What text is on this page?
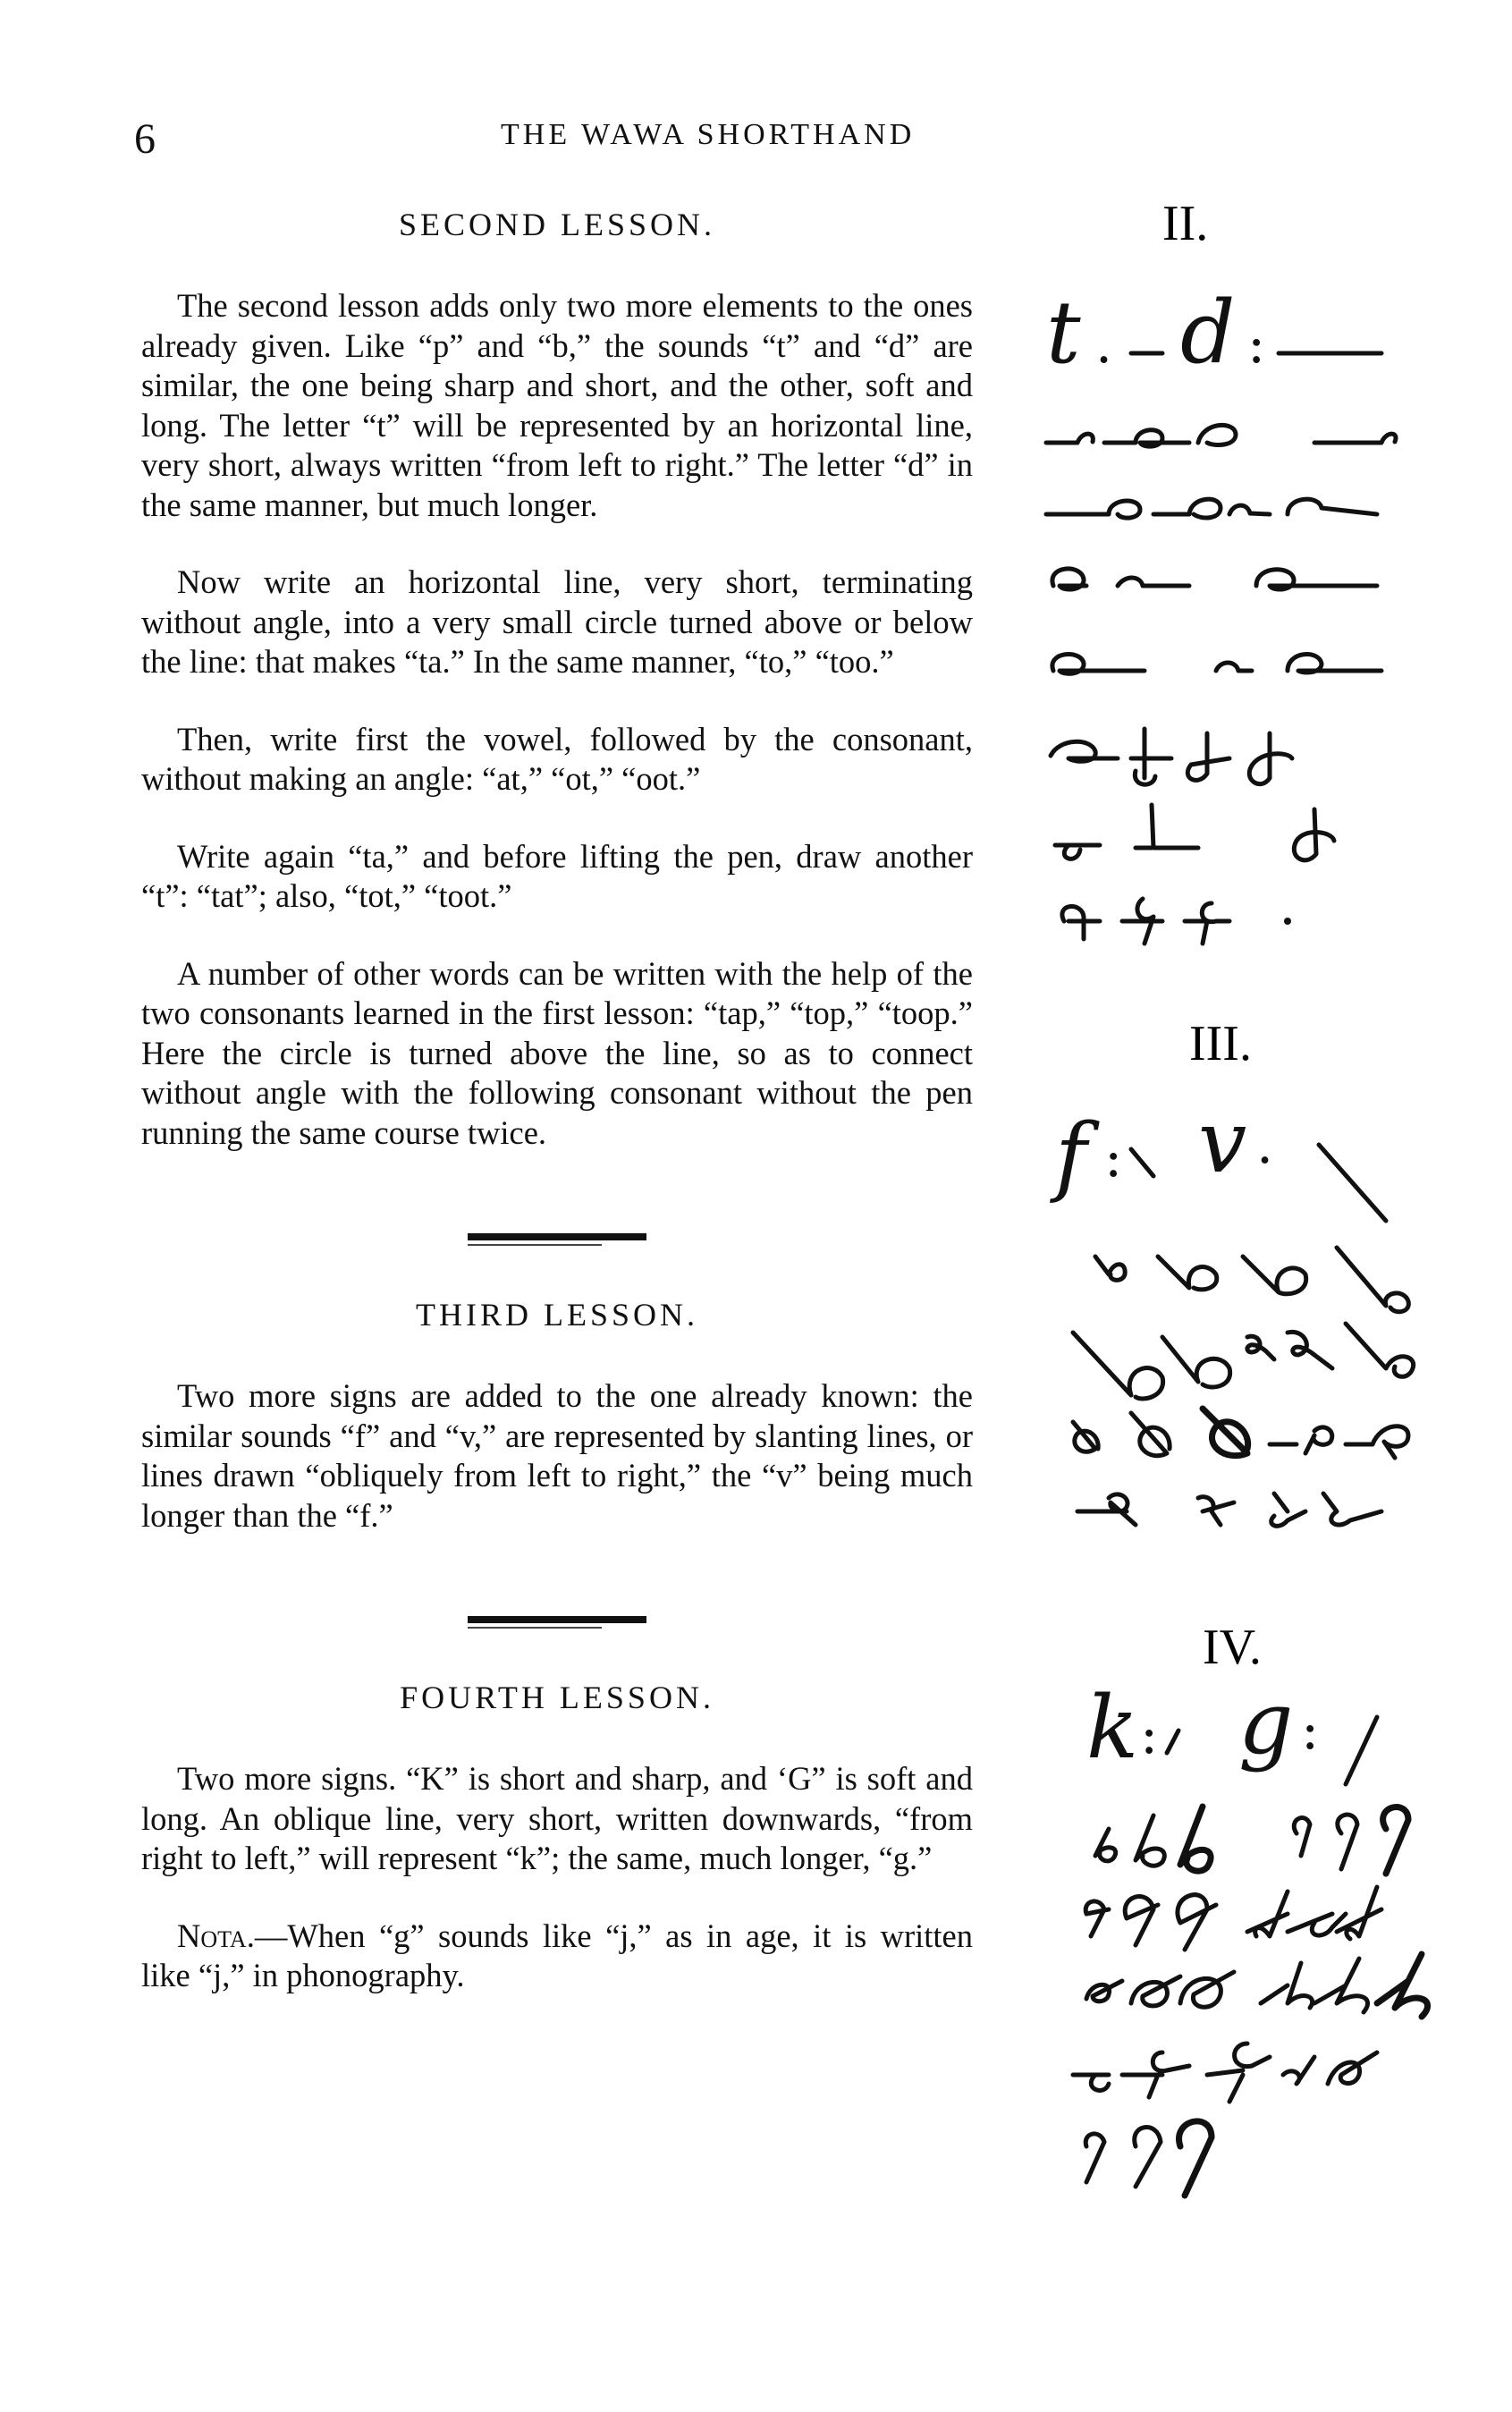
6	THE WAWA SHORTHAND
SECOND LESSON.

The second lesson adds only two more elements to the ones already given. Like “p” and “b,” the sounds “t” and “d” are similar, the one being sharp and short, and the other, soft and long. The letter “t” will be represented by an horizontal line, very short, always written “from left to right.” The letter “d” in the same manner, but much longer.

Now write an horizontal line, very short, terminating without angle, into a very small circle turned above or below the line: that makes “ta.” In the same manner, “to,” “too.”

Then, write first the vowel, followed by the consonant, without making an angle: “at,” “ot,” “oot.”

Write again “ta,” and before lifting the pen, draw another “t”: “tat”; also, “tot,” “toot.”

A number of other words can be written with the help of the two consonants learned in the first lesson: “tap,” “top,” “toop.” Here the circle is turned above the line, so as to connect without angle with the following consonant without the pen running the same course twice.

THIRD LESSON.

Two more signs are added to the one already known: the similar sounds “f” and “v,” are represented by slanting lines, or lines drawn “obliquely from left to right,” the “v” being much longer than the “f.”

FOURTH LESSON.

Two more signs. “K” is short and sharp, and ‘G” is soft and long. An oblique line, very short, written downwards, “from right to left,” will represent “k”; the same, much longer, “g.”

Nota.—When “g” sounds like “j,” as in age, it is written like “j,” in phonography.

II.
t . d :
III.
f : v .
IV.
k : g :
